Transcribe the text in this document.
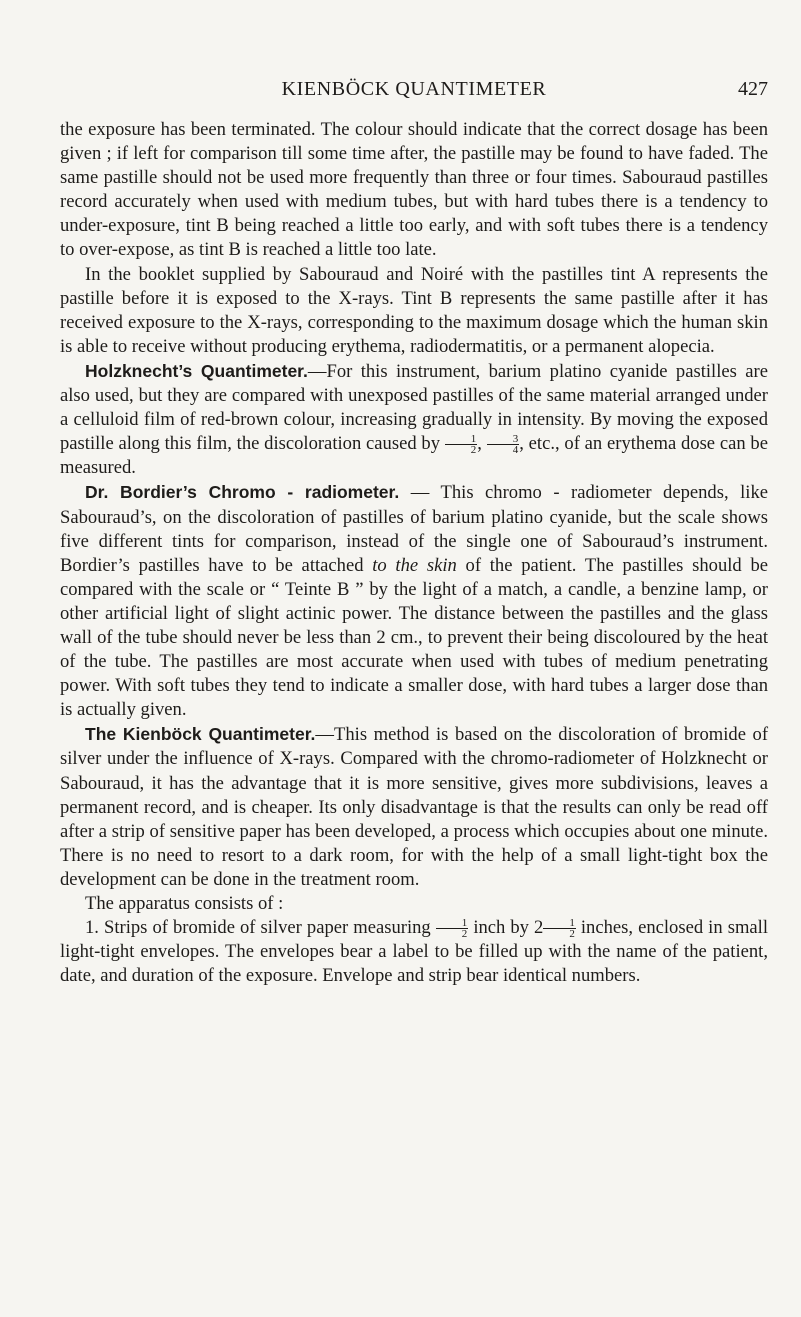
KIENBÖCK QUANTIMETER	427

the exposure has been terminated. The colour should indicate that the correct dosage has been given ; if left for comparison till some time after, the pastille may be found to have faded. The same pastille should not be used more frequently than three or four times. Sabouraud pastilles record accurately when used with medium tubes, but with hard tubes there is a tendency to under-exposure, tint B being reached a little too early, and with soft tubes there is a tendency to over-expose, as tint B is reached a little too late.

In the booklet supplied by Sabouraud and Noiré with the pastilles tint A represents the pastille before it is exposed to the X-rays. Tint B represents the same pastille after it has received exposure to the X-rays, corresponding to the maximum dosage which the human skin is able to receive without producing erythema, radiodermatitis, or a permanent alopecia.

Holzknecht’s Quantimeter.—For this instrument, barium platino cyanide pastilles are also used, but they are compared with unexposed pastilles of the same material arranged under a celluloid film of red-brown colour, increasing gradually in intensity. By moving the exposed pastille along this film, the discoloration caused by $\frac{1}{2}$ , $\frac{3}{4}$ , etc., of an erythema dose can be measured.

Dr. Bordier’s Chromo - radiometer. — This chromo - radiometer depends, like Sabouraud’s, on the discoloration of pastilles of barium platino cyanide, but the scale shows five different tints for comparison, instead of the single one of Sabouraud’s instrument. Bordier’s pastilles have to be attached to the skin of the patient. The pastilles should be compared with the scale or “ Teinte B ” by the light of a match, a candle, a benzine lamp, or other artificial light of slight actinic power. The distance between the pastilles and the glass wall of the tube should never be less than 2 cm., to prevent their being discoloured by the heat of the tube. The pastilles are most accurate when used with tubes of medium penetrating power. With soft tubes they tend to indicate a smaller dose, with hard tubes a larger dose than is actually given.

The Kienböck Quantimeter.—This method is based on the discoloration of bromide of silver under the influence of X-rays. Compared with the chromo-radiometer of Holzknecht or Sabouraud, it has the advantage that it is more sensitive, gives more subdivisions, leaves a permanent record, and is cheaper. Its only disadvantage is that the results can only be read off after a strip of sensitive paper has been developed, a process which occupies about one minute. There is no need to resort to a dark room, for with the help of a small light-tight box the development can be done in the treatment room.

The apparatus consists of :

1. Strips of bromide of silver paper measuring $\frac{1}{2}$ inch by $2 \frac{1}{2}$ inches, enclosed in small light-tight envelopes. The envelopes bear a label to be filled up with the name of the patient, date, and duration of the exposure. Envelope and strip bear identical numbers.
